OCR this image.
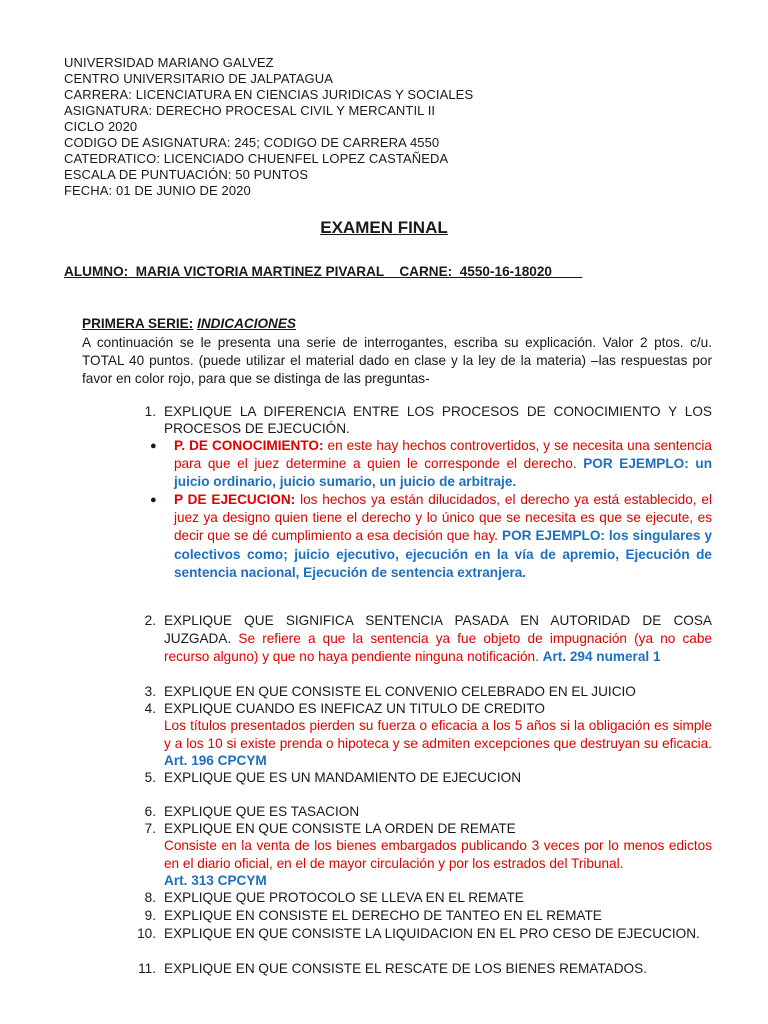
UNIVERSIDAD MARIANO GALVEZ
CENTRO UNIVERSITARIO DE JALPATAGUA
CARRERA: LICENCIATURA EN CIENCIAS JURIDICAS Y SOCIALES
ASIGNATURA: DERECHO PROCESAL CIVIL Y MERCANTIL II
CICLO 2020
CODIGO DE ASIGNATURA: 245; CODIGO DE CARRERA 4550
CATEDRATICO: LICENCIADO CHUENFEL LOPEZ CASTAÑEDA
ESCALA DE PUNTUACIÓN: 50 PUNTOS
FECHA: 01 DE JUNIO DE 2020
EXAMEN FINAL
ALUMNO:_MARIA VICTORIA MARTINEZ PIVARAL__CARNE:_4550-16-18020____
PRIMERA SERIE: INDICACIONES
A continuación se le presenta una serie de interrogantes, escriba su explicación. Valor 2 ptos. c/u. TOTAL 40 puntos. (puede utilizar el material dado en clase y la ley de la materia) –las respuestas por favor en color rojo, para que se distinga de las preguntas-
1. EXPLIQUE LA DIFERENCIA ENTRE LOS PROCESOS DE CONOCIMIENTO Y LOS PROCESOS DE EJECUCIÓN.
● P. DE CONOCIMIENTO: en este hay hechos controvertidos, y se necesita una sentencia para que el juez determine a quien le corresponde el derecho. POR EJEMPLO: un juicio ordinario, juicio sumario, un juicio de arbitraje.
● P DE EJECUCION: los hechos ya están dilucidados, el derecho ya está establecido, el juez ya designo quien tiene el derecho y lo único que se necesita es que se ejecute, es decir que se dé cumplimiento a esa decisión que hay. POR EJEMPLO: los singulares y colectivos como; juicio ejecutivo, ejecución en la vía de apremio, Ejecución de sentencia nacional, Ejecución de sentencia extranjera.
2. EXPLIQUE QUE SIGNIFICA SENTENCIA PASADA EN AUTORIDAD DE COSA JUZGADA. Se refiere a que la sentencia ya fue objeto de impugnación (ya no cabe recurso alguno) y que no haya pendiente ninguna notificación. Art. 294 numeral 1
3. EXPLIQUE EN QUE CONSISTE EL CONVENIO CELEBRADO EN EL JUICIO
4. EXPLIQUE CUANDO ES INEFICAZ UN TITULO DE CREDITO
Los títulos presentados pierden su fuerza o eficacia a los 5 años si la obligación es simple y a los 10 si existe prenda o hipoteca y se admiten excepciones que destruyan su eficacia. Art. 196 CPCYM
5. EXPLIQUE QUE ES UN MANDAMIENTO DE EJECUCION
6. EXPLIQUE QUE ES TASACION
7. EXPLIQUE EN QUE CONSISTE LA ORDEN DE REMATE
Consiste en la venta de los bienes embargados publicando 3 veces por lo menos edictos en el diario oficial, en el de mayor circulación y por los estrados del Tribunal.
Art. 313 CPCYM
8. EXPLIQUE QUE PROTOCOLO SE LLEVA EN EL REMATE
9. EXPLIQUE EN CONSISTE EL DERECHO DE TANTEO EN EL REMATE
10. EXPLIQUE EN QUE CONSISTE LA LIQUIDACION EN EL PRO CESO DE EJECUCION.
11. EXPLIQUE EN QUE CONSISTE EL RESCATE DE LOS BIENES REMATADOS.
